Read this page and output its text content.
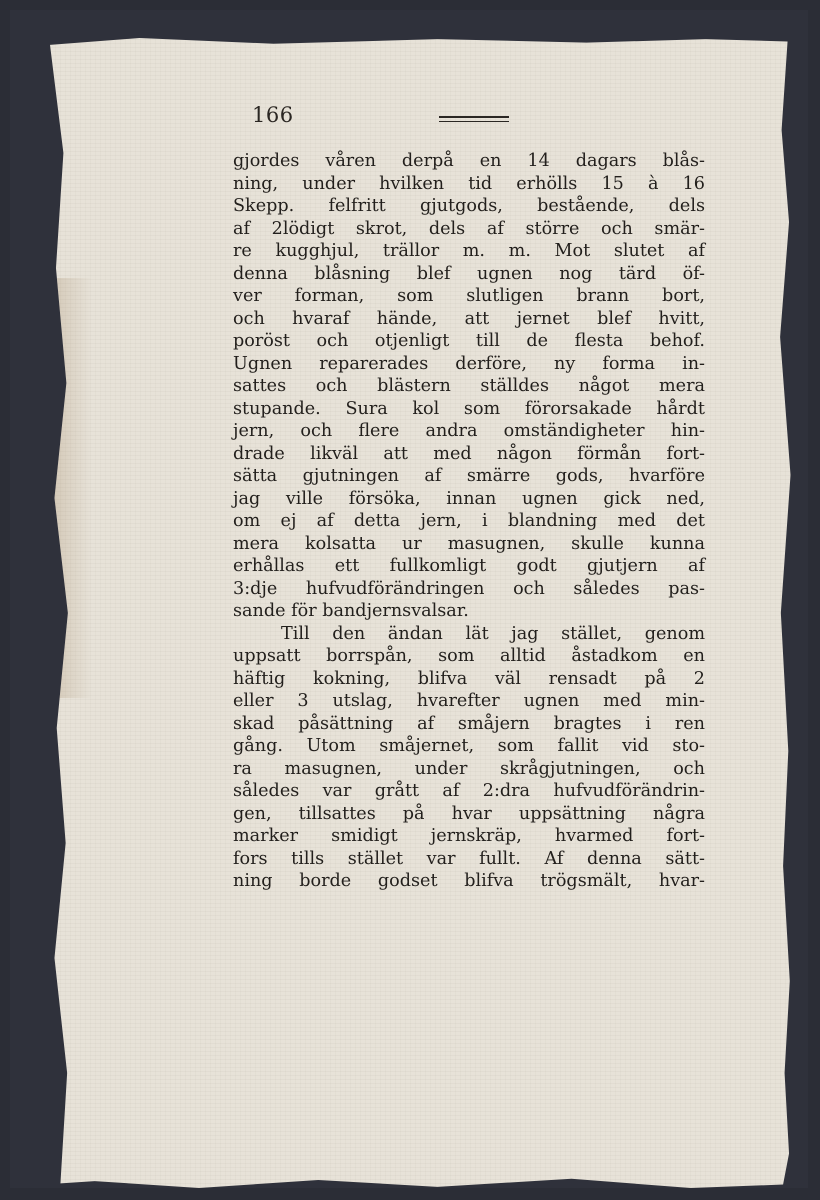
166
gjordes våren derpå en 14 dagars blås-
ning, under hvilken tid erhölls 15 à 16
Skepp. felfritt gjutgods, bestående, dels
af 2lödigt skrot, dels af större och smär-
re kugghjul, trällor m. m. Mot slutet af
denna blåsning blef ugnen nog tärd öf-
ver forman, som slutligen brann bort,
och hvaraf hände, att jernet blef hvitt,
poröst och otjenligt till de flesta behof.
Ugnen reparerades derföre, ny forma in-
sattes och blästern ställdes något mera
stupande. Sura kol som förorsakade hårdt
jern, och flere andra omständigheter hin-
drade likväl att med någon förmån fort-
sätta gjutningen af smärre gods, hvarföre
jag ville försöka, innan ugnen gick ned,
om ej af detta jern, i blandning med det
mera kolsatta ur masugnen, skulle kunna
erhållas ett fullkomligt godt gjutjern af
3:dje hufvudförändringen och således pas-
sande för bandjernsvalsar.
Till den ändan lät jag stället, genom
uppsatt borrspån, som alltid åstadkom en
häftig kokning, blifva väl rensadt på 2
eller 3 utslag, hvarefter ugnen med min-
skad påsättning af småjern bragtes i ren
gång. Utom småjernet, som fallit vid sto-
ra masugnen, under skrågjutningen, och
således var grått af 2:dra hufvudförändrin-
gen, tillsattes på hvar uppsättning några
marker smidigt jernskräp, hvarmed fort-
fors tills stället var fullt. Af denna sätt-
ning borde godset blifva trögsmält, hvar-
